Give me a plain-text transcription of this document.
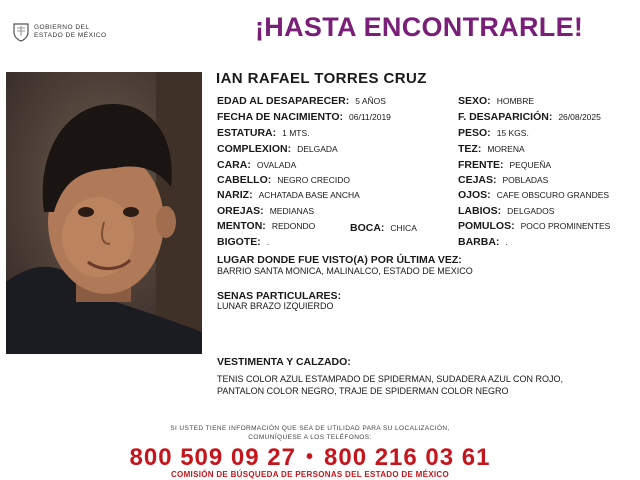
GOBIERNO DEL
ESTADO DE MÉXICO	¡HASTA ENCONTRARLE!
IAN RAFAEL TORRES CRUZ
EDAD AL DESAPARECER: 5 AÑOS
FECHA DE NACIMIENTO: 06/11/2019
ESTATURA: 1 MTS.
COMPLEXION: DELGADA
CARA: OVALADA
CABELLO: NEGRO CRECIDO
NARIZ: ACHATADA BASE ANCHA
OREJAS: MEDIANAS
MENTON: REDONDO	BOCA: CHICA
BIGOTE: .
SEXO: HOMBRE
F. DESAPARICIÓN: 26/08/2025
PESO: 15 KGS.
TEZ: MORENA
FRENTE: PEQUEÑA
CEJAS: POBLADAS
OJOS: CAFE OBSCURO GRANDES
LABIOS: DELGADOS
POMULOS: POCO PROMINENTES
BARBA: .
LUGAR DONDE FUE VISTO(A) POR ÚLTIMA VEZ:
BARRIO SANTA MONICA, MALINALCO, ESTADO DE MEXICO
SENAS PARTICULARES:
LUNAR BRAZO IZQUIERDO
VESTIMENTA Y CALZADO:
TENIS COLOR AZUL ESTAMPADO DE SPIDERMAN, SUDADERA AZUL CON ROJO,
PANTALON COLOR NEGRO, TRAJE DE SPIDERMAN COLOR NEGRO
SI USTED TIENE INFORMACIÓN QUE SEA DE UTILIDAD PARA SU LOCALIZACIÓN,
COMUNÍQUESE A LOS TELÉFONOS:
800 509 09 27 • 800 216 03 61
COMISIÓN DE BÚSQUEDA DE PERSONAS DEL ESTADO DE MÉXICO
